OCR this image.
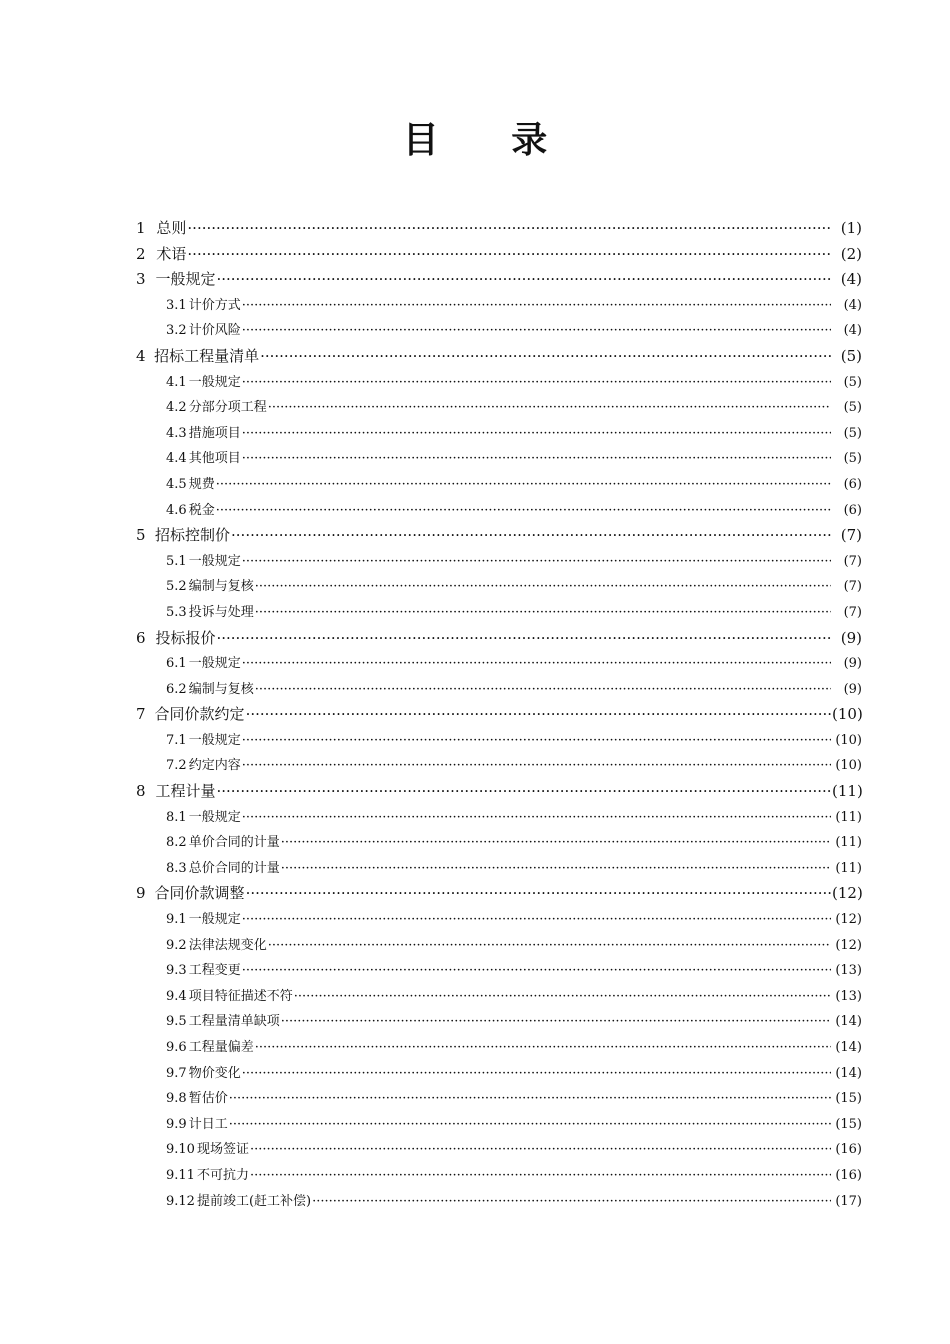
目 录
1 总则 ·····	(1)
2 术语 ·····	(2)
3 一般规定 ·····	(4)
3.1 计价方式 ·····	(4)
3.2 计价风险 ·····	(4)
4 招标工程量清单 ·····	(5)
4.1 一般规定 ·····	(5)
4.2 分部分项工程 ·····	(5)
4.3 措施项目 ·····	(5)
4.4 其他项目 ·····	(5)
4.5 规费 ·····	(6)
4.6 税金 ·····	(6)
5 招标控制价 ·····	(7)
5.1 一般规定 ·····	(7)
5.2 编制与复核 ·····	(7)
5.3 投诉与处理 ·····	(7)
6 投标报价 ·····	(9)
6.1 一般规定 ·····	(9)
6.2 编制与复核 ·····	(9)
7 合同价款约定 ·····	(10)
7.1 一般规定 ·····	(10)
7.2 约定内容 ·····	(10)
8 工程计量 ·····	(11)
8.1 一般规定 ·····	(11)
8.2 单价合同的计量 ·····	(11)
8.3 总价合同的计量 ·····	(11)
9 合同价款调整 ·····	(12)
9.1 一般规定 ·····	(12)
9.2 法律法规变化 ·····	(12)
9.3 工程变更 ·····	(13)
9.4 项目特征描述不符 ·····	(13)
9.5 工程量清单缺项 ·····	(14)
9.6 工程量偏差 ·····	(14)
9.7 物价变化 ·····	(14)
9.8 暂估价 ·····	(15)
9.9 计日工 ·····	(15)
9.10 现场签证 ·····	(16)
9.11 不可抗力 ·····	(16)
9.12 提前竣工(赶工补偿) ·····	(17)
